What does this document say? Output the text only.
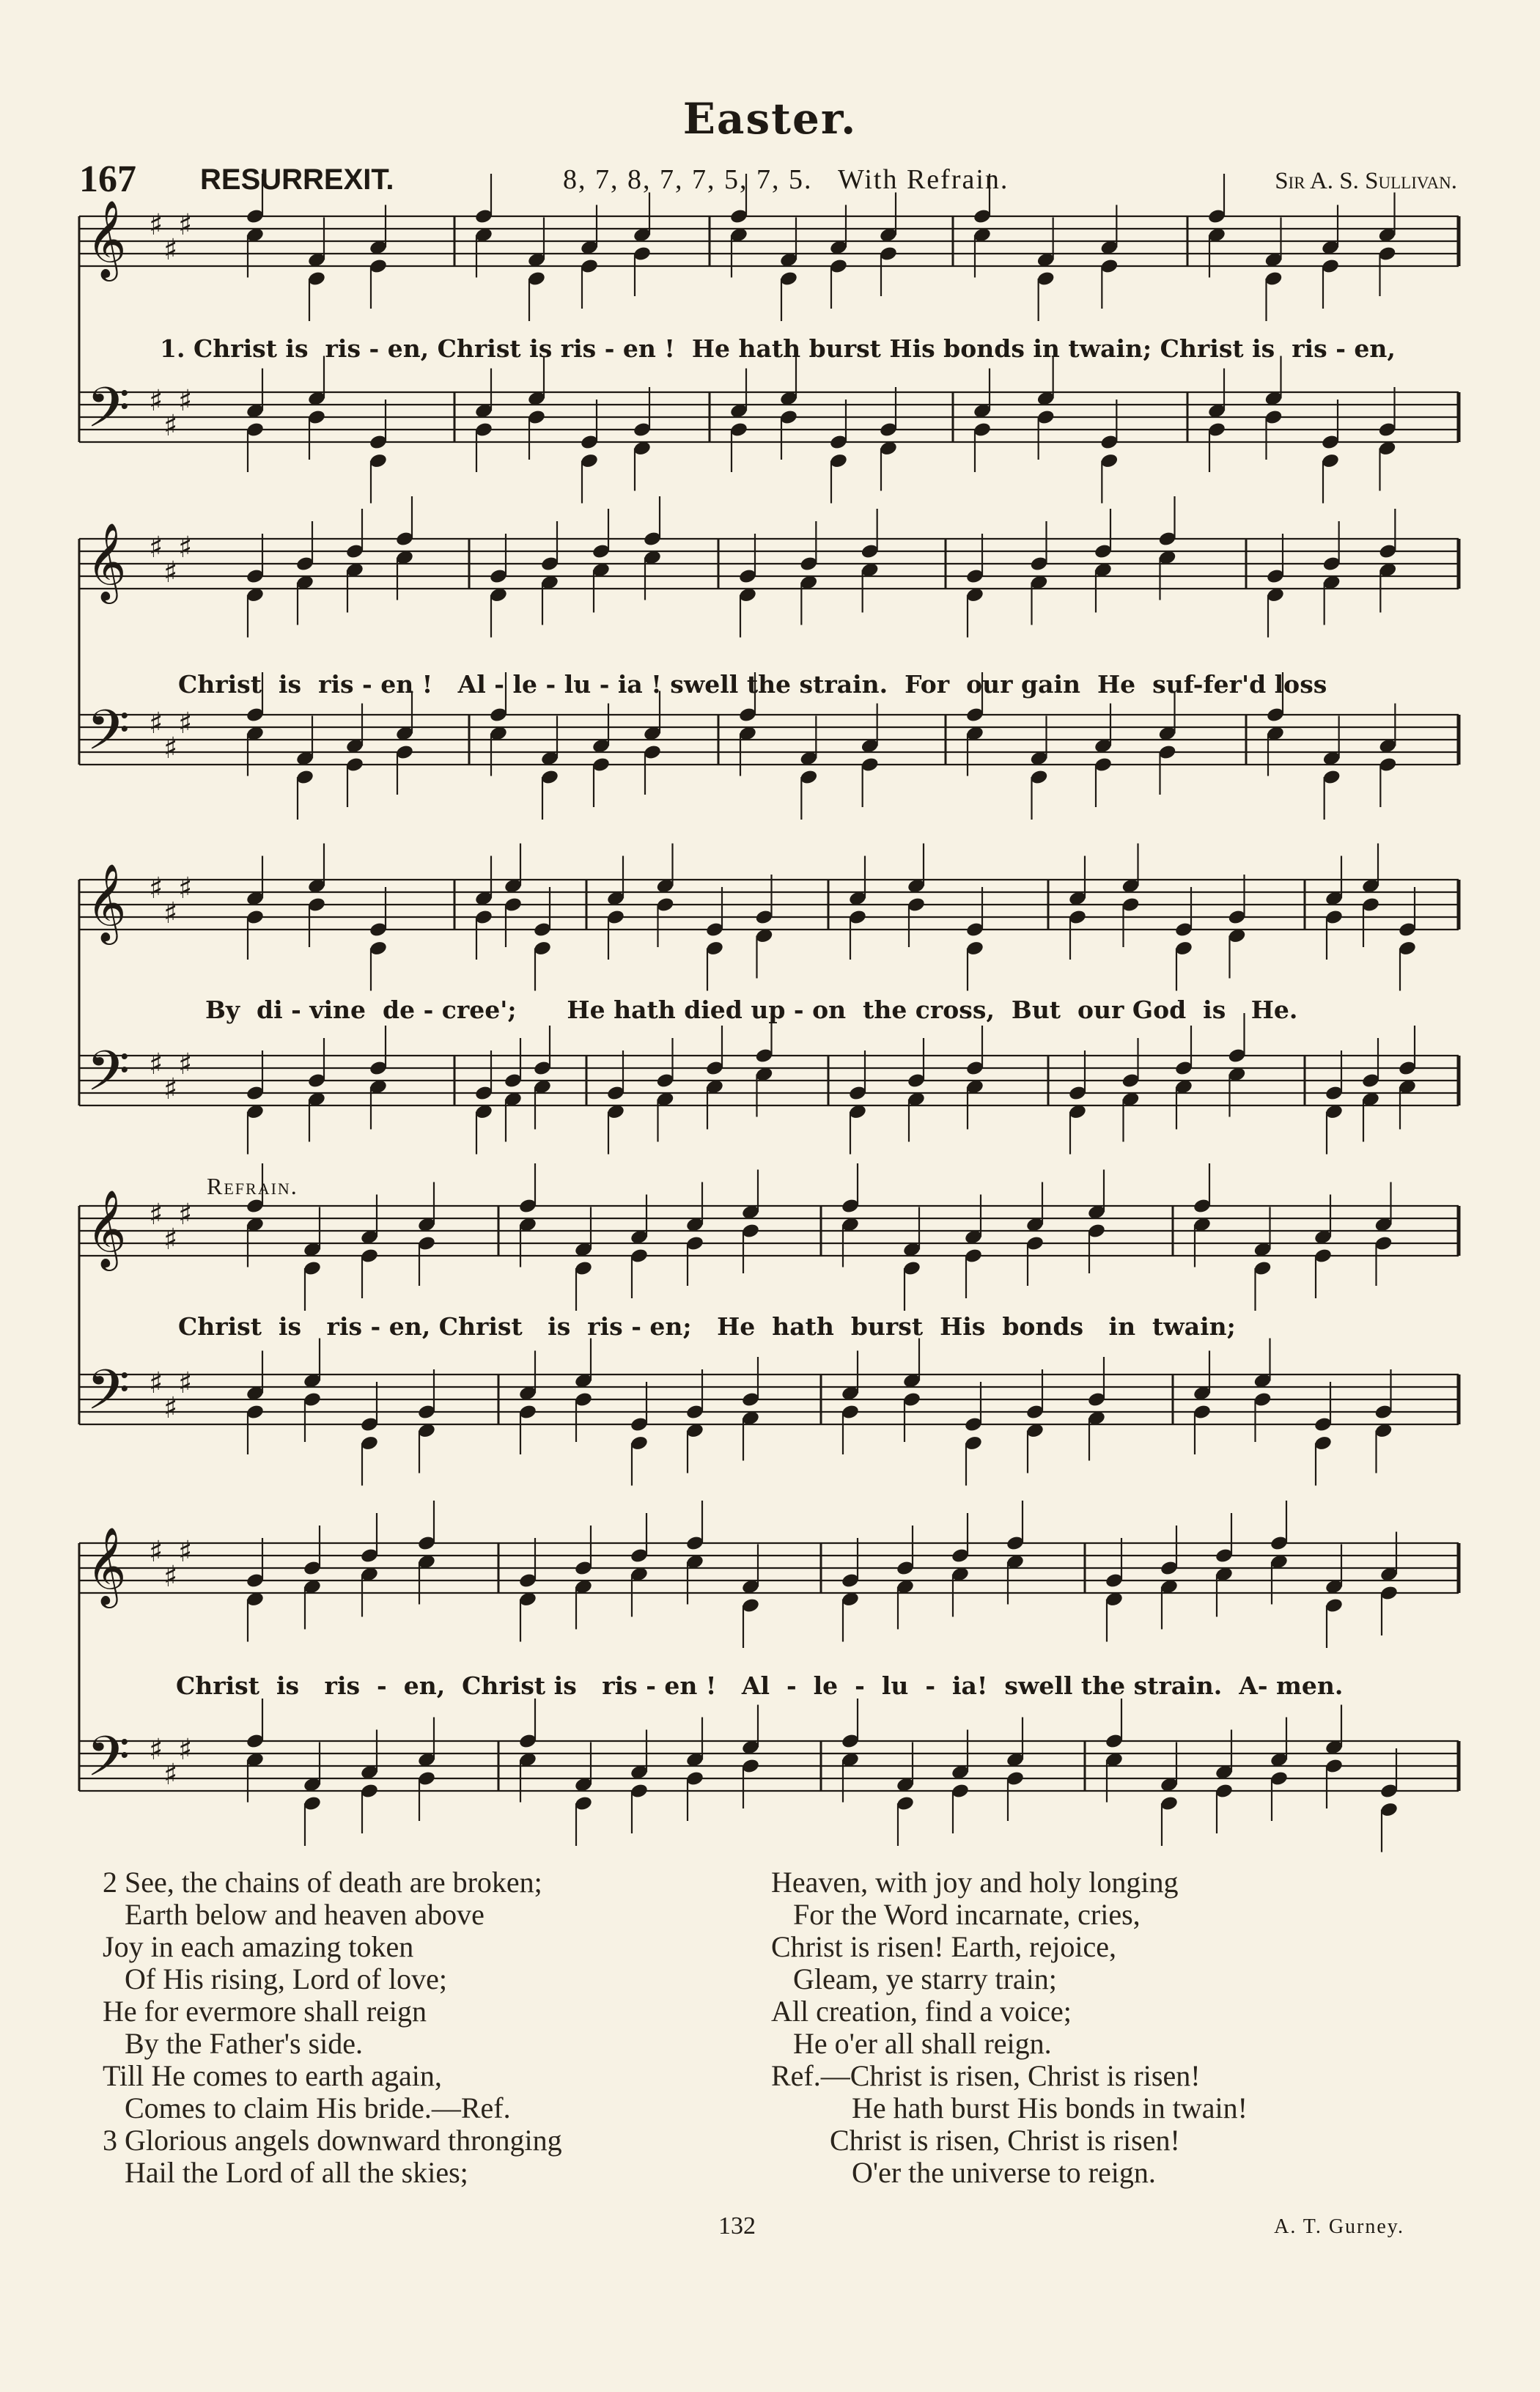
Easter.
167 RESURREXIT.	8, 7, 8, 7, 7, 5, 7, 5. With Refrain.	Sir A. S. Sullivan.
𝄞 ♯
♯
♯
𝄢 ♯
♯
♯
𝄞 ♯
♯
♯
𝄢 ♯
♯
♯
𝄞 ♯
♯
♯
𝄢 ♯
♯
♯
𝄞 ♯
♯
♯
𝄢 ♯
♯
♯
𝄞 ♯
♯
♯
𝄢 ♯
♯
♯
1. Christ is  ris - en, Christ is ris - en !  He hath burst His bonds in twain; Christ is  ris - en,
Christ  is  ris - en !   Al - le - lu - ia ! swell the strain.  For  our gain  He  suf-fer'd loss
By  di - vine  de - cree';      He hath died up - on  the cross,  But  our God  is   He.
Refrain.
Christ  is   ris - en, Christ   is  ris - en;   He  hath  burst  His  bonds   in  twain;
Christ  is   ris  -  en,  Christ is   ris - en !   Al  -  le  -  lu  -  ia!  swell the strain.  A- men.
2 See, the chains of death are broken;
Earth below and heaven above
Joy in each amazing token
Of His rising, Lord of love;
He for evermore shall reign
By the Father's side.
Till He comes to earth again,
Comes to claim His bride.—Ref.
3 Glorious angels downward thronging
Hail the Lord of all the skies;
Heaven, with joy and holy longing
For the Word incarnate, cries,
Christ is risen! Earth, rejoice,
Gleam, ye starry train;
All creation, find a voice;
He o'er all shall reign.
Ref.—Christ is risen, Christ is risen!
He hath burst His bonds in twain!
Christ is risen, Christ is risen!
O'er the universe to reign.
132	A. T. Gurney.
